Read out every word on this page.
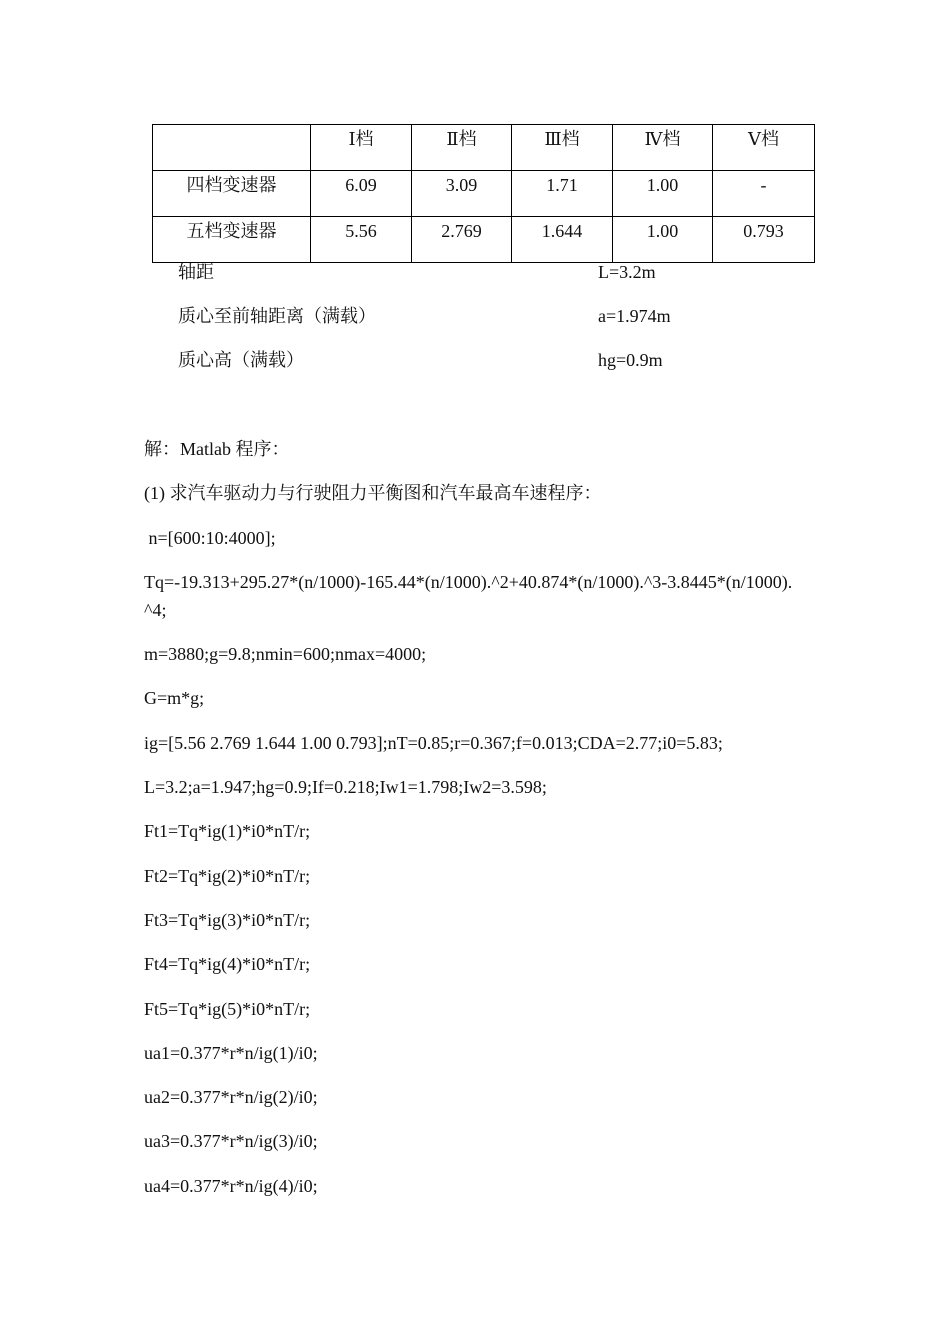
	Ⅰ档	Ⅱ档	Ⅲ档	Ⅳ档	Ⅴ档
四档变速器	6.09	3.09	1.71	1.00	-
五档变速器	5.56	2.769	1.644	1.00	0.793
轴距	L=3.2m
质心至前轴距离（满载）	a=1.974m
质心高（满载）	hg=0.9m
解：Matlab 程序：
(1) 求汽车驱动力与行驶阻力平衡图和汽车最高车速程序：
n=[600:10:4000];
Tq=-19.313+295.27*(n/1000)-165.44*(n/1000).^2+40.874*(n/1000).^3-3.8445*(n/1000).^4;
m=3880;g=9.8;nmin=600;nmax=4000;
G=m*g;
ig=[5.56 2.769 1.644 1.00 0.793];nT=0.85;r=0.367;f=0.013;CDA=2.77;i0=5.83;
L=3.2;a=1.947;hg=0.9;If=0.218;Iw1=1.798;Iw2=3.598;
Ft1=Tq*ig(1)*i0*nT/r;
Ft2=Tq*ig(2)*i0*nT/r;
Ft3=Tq*ig(3)*i0*nT/r;
Ft4=Tq*ig(4)*i0*nT/r;
Ft5=Tq*ig(5)*i0*nT/r;
ua1=0.377*r*n/ig(1)/i0;
ua2=0.377*r*n/ig(2)/i0;
ua3=0.377*r*n/ig(3)/i0;
ua4=0.377*r*n/ig(4)/i0;
